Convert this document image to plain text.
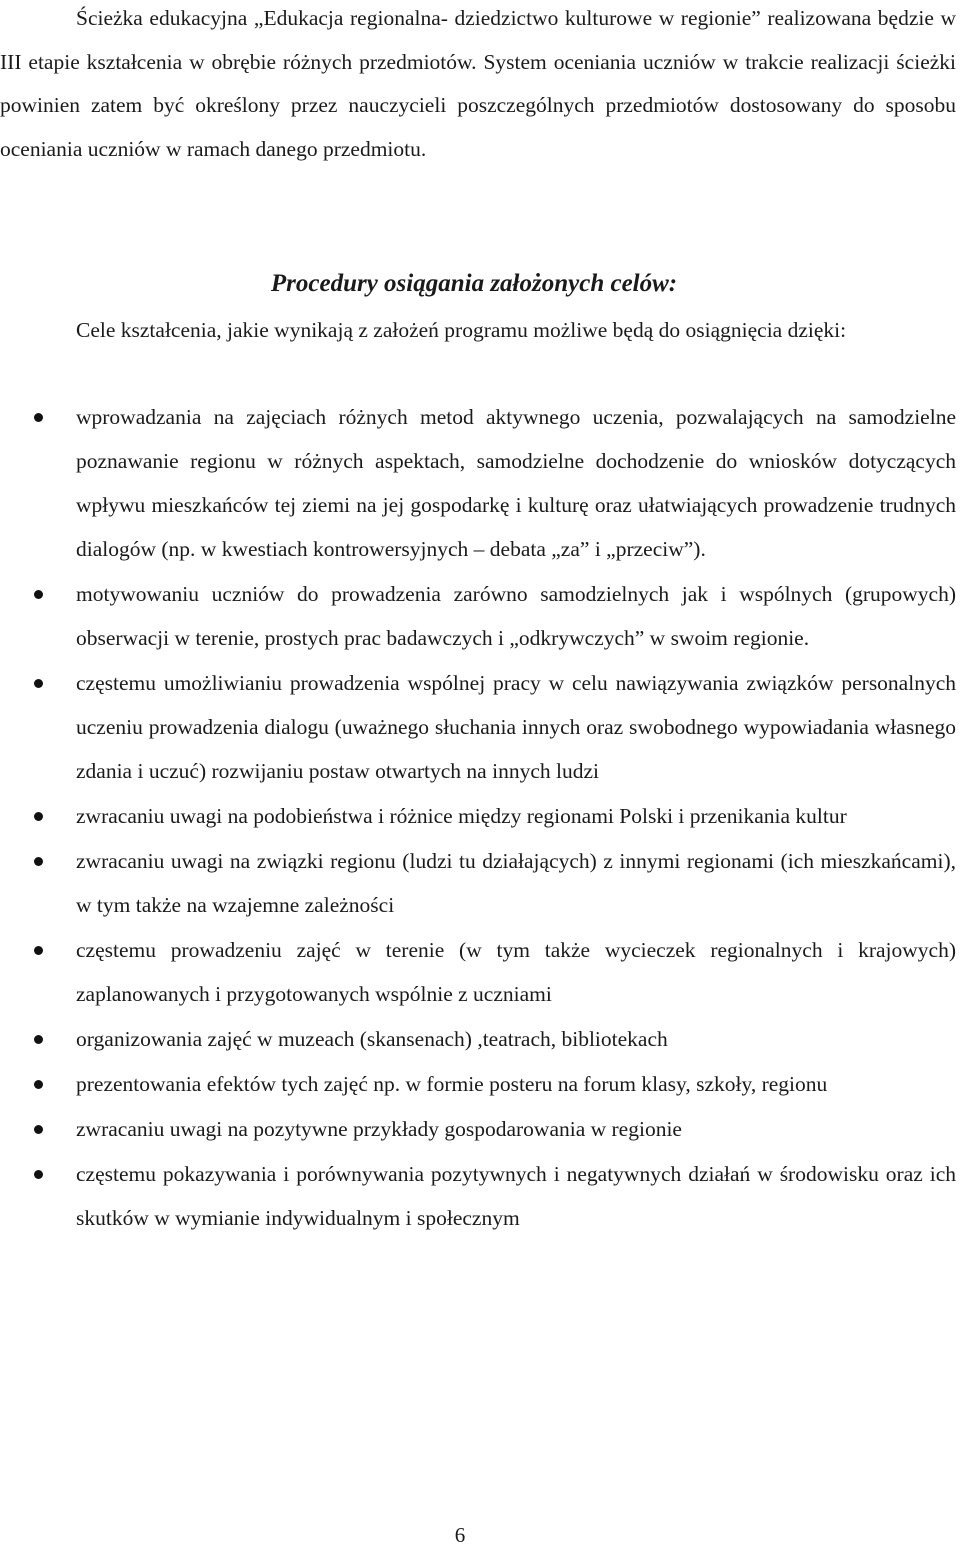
Ścieżka edukacyjna „Edukacja regionalna- dziedzictwo kulturowe w regionie” realizowana będzie w III etapie kształcenia w obrębie różnych przedmiotów. System oceniania uczniów w trakcie realizacji ścieżki powinien zatem być określony przez nauczycieli poszczególnych przedmiotów dostosowany do sposobu oceniania uczniów w ramach danego przedmiotu.

Procedury osiągania założonych celów:

Cele kształcenia, jakie wynikają z założeń programu możliwe będą do osiągnięcia dzięki:

wprowadzania na zajęciach różnych metod aktywnego uczenia, pozwalających na samodzielne poznawanie regionu w różnych aspektach, samodzielne dochodzenie do wniosków dotyczących wpływu mieszkańców tej ziemi na jej gospodarkę i kulturę oraz ułatwiających prowadzenie trudnych dialogów (np. w kwestiach kontrowersyjnych – debata „za” i „przeciw”).
motywowaniu uczniów do prowadzenia zarówno samodzielnych jak i wspólnych (grupowych) obserwacji w terenie, prostych prac badawczych i „odkrywczych” w swoim regionie.
częstemu umożliwianiu prowadzenia wspólnej pracy w celu nawiązywania związków personalnych uczeniu prowadzenia dialogu (uważnego słuchania innych oraz swobodnego wypowiadania własnego zdania i uczuć) rozwijaniu postaw otwartych na innych ludzi
zwracaniu uwagi na podobieństwa i różnice między regionami Polski i przenikania kultur
zwracaniu uwagi na związki regionu (ludzi tu działających) z innymi regionami (ich mieszkańcami), w tym także na wzajemne zależności
częstemu prowadzeniu zajęć w terenie (w tym także wycieczek regionalnych i krajowych) zaplanowanych i przygotowanych wspólnie z uczniami
organizowania zajęć w muzeach (skansenach) ,teatrach, bibliotekach
prezentowania efektów tych zajęć np. w formie posteru na forum klasy, szkoły, regionu
zwracaniu uwagi na pozytywne przykłady gospodarowania w regionie
częstemu pokazywania i porównywania pozytywnych i negatywnych działań w środowisku oraz ich skutków w wymianie indywidualnym i społecznym
6
